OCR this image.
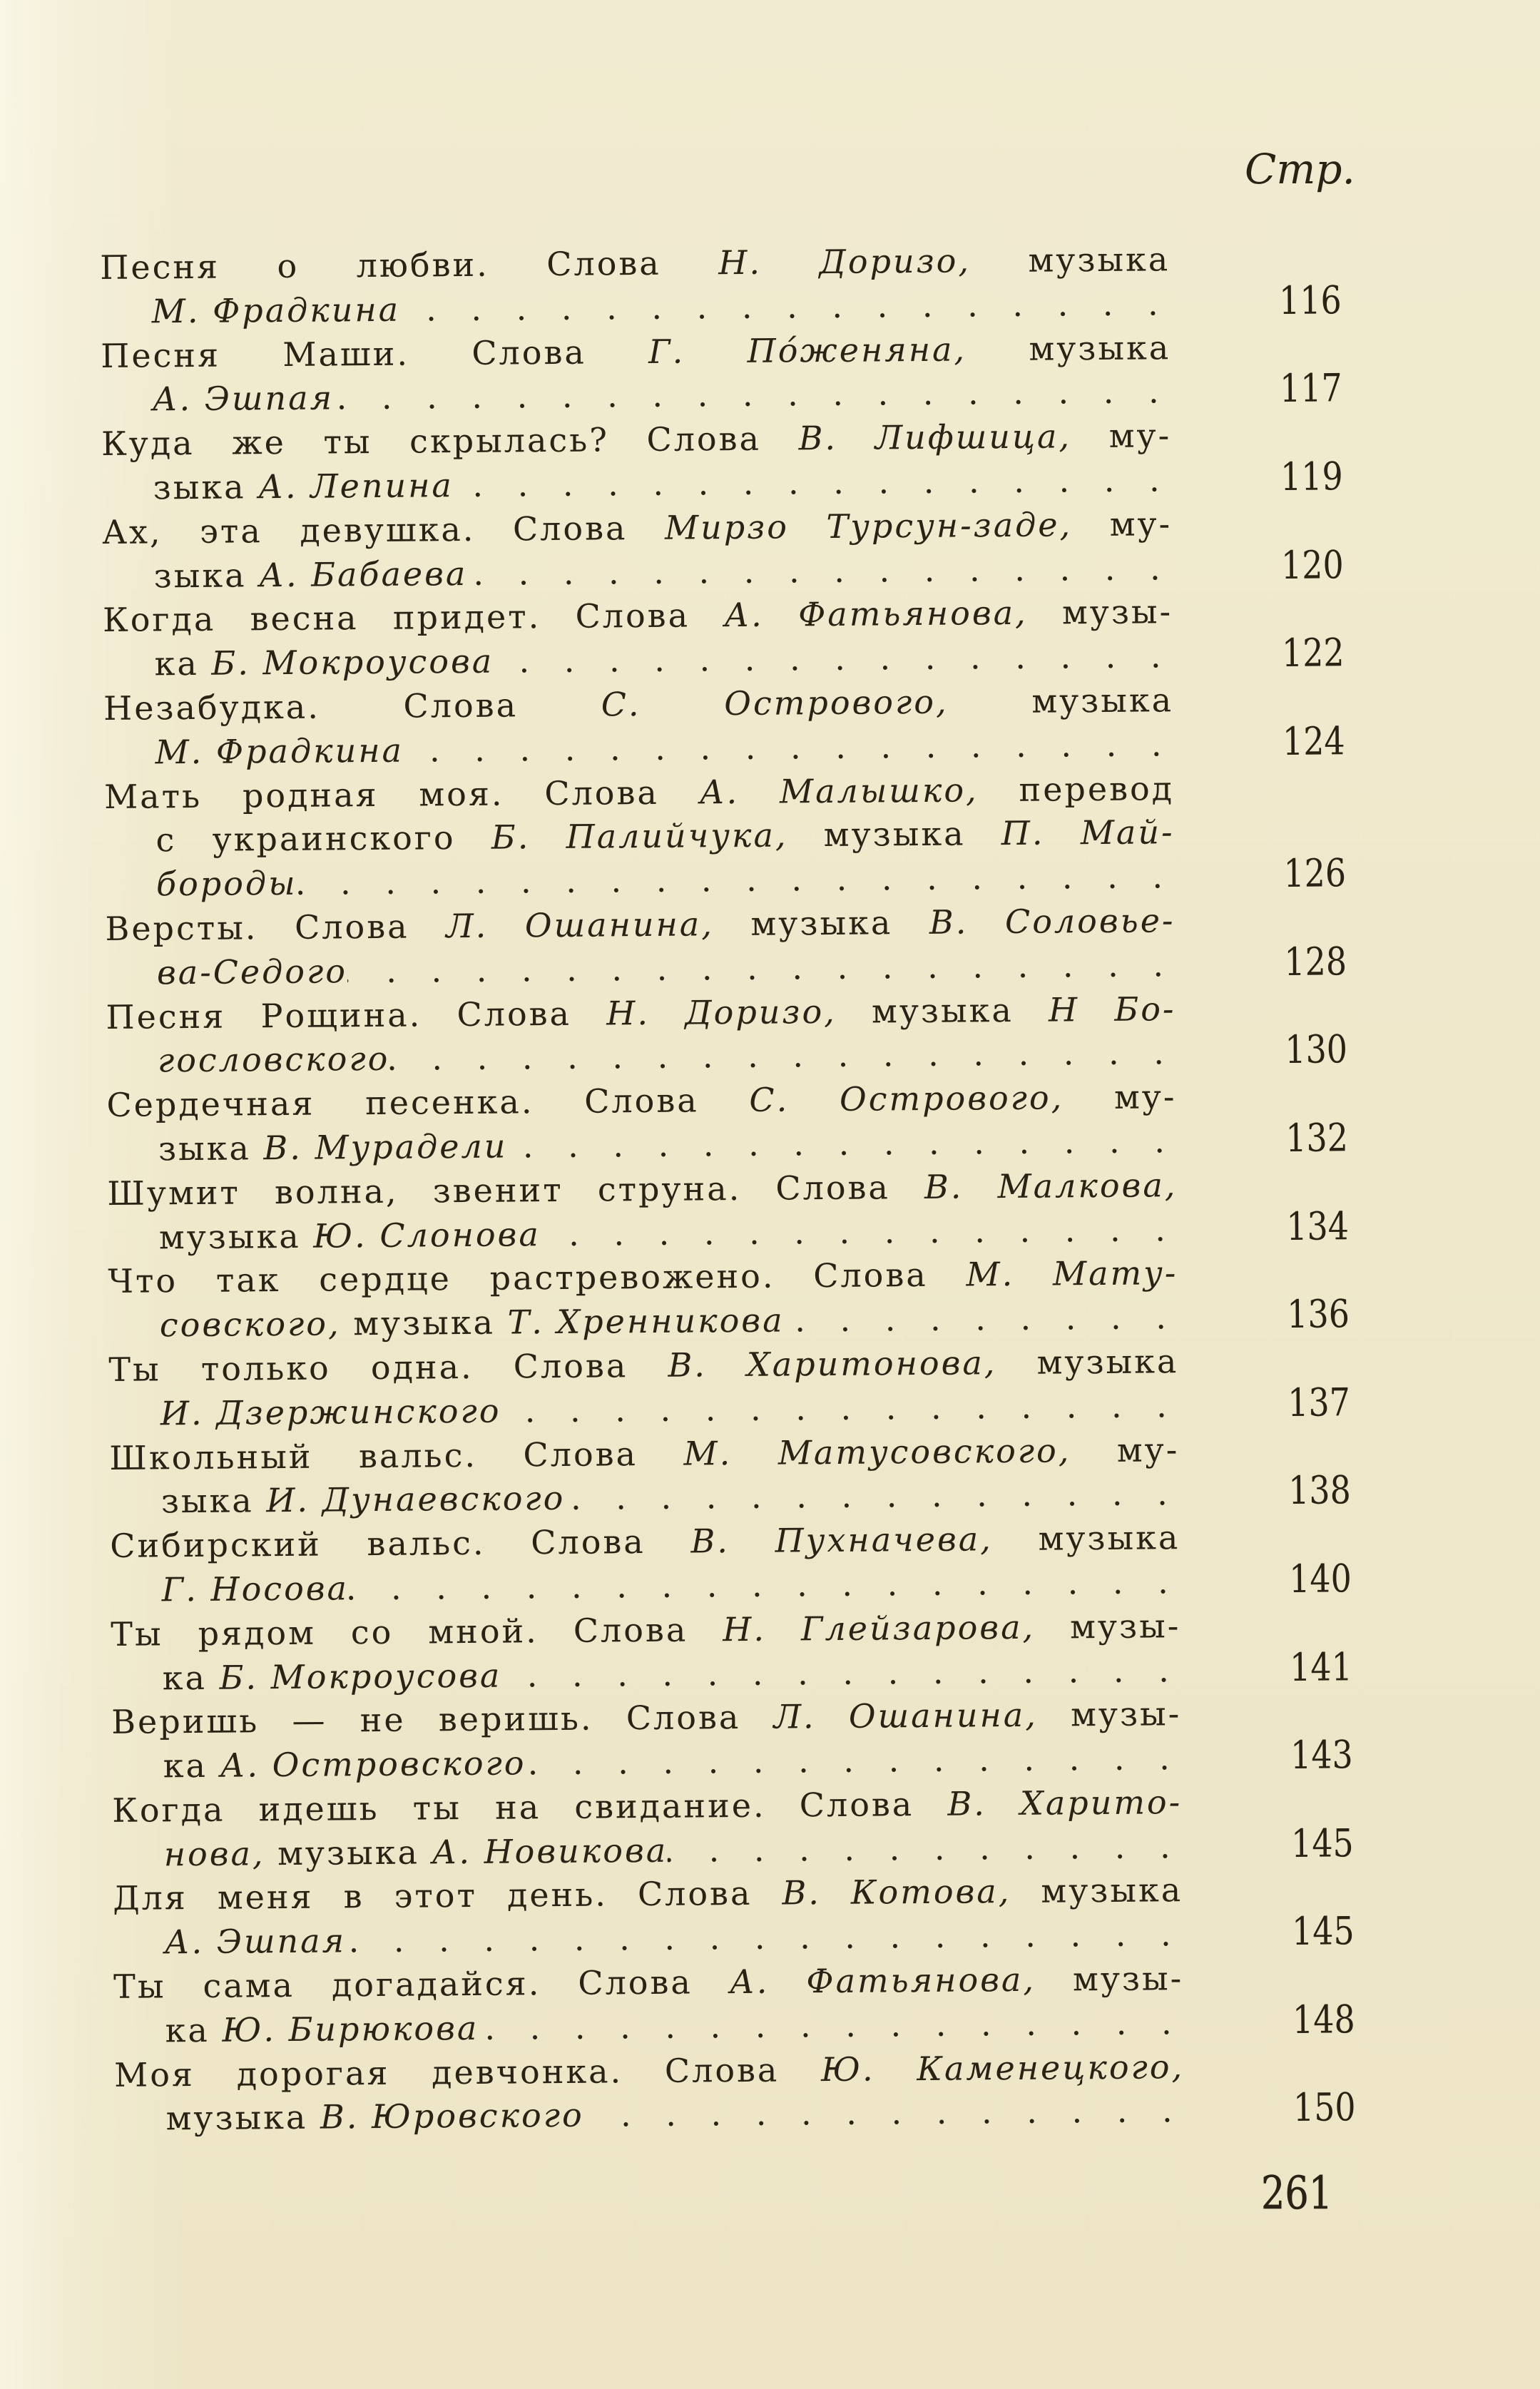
Стр.
Песня о любви. Слова Н. Доризо, музыка
М. Фрадкина . . .	116
Песня Маши. Слова Г. По́женяна, музыка
А. Эшпая . . .	117
Куда же ты скрылась? Слова В. Лифшица, му-
зыка А. Лепина . . .	119
Ах, эта девушка. Слова Мирзо Турсун-заде, му-
зыка А. Бабаева . . .	120
Когда весна придет. Слова А. Фатьянова, музы-
ка Б. Мокроусова . . .	122
Незабудка. Слова С. Острового, музыка
М. Фрадкина . . .	124
Мать родная моя. Слова А. Малышко, перевод
с украинского Б. Палийчука, музыка П. Май-
бороды . . .	126
Версты. Слова Л. Ошанина, музыка В. Соловье-
ва-Седого . . .	128
Песня Рощина. Слова Н. Доризо, музыка Н Бо-
гословского . . .	130
Сердечная песенка. Слова С. Острового, му-
зыка В. Мурадели . . .	132
Шумит волна, звенит струна. Слова В. Малкова,
музыка Ю. Слонова . . .	134
Что так сердце растревожено. Слова М. Мату-
совского, музыка Т. Хренникова . . .	136
Ты только одна. Слова В. Харитонова, музыка
И. Дзержинского . . .	137
Школьный вальс. Слова М. Матусовского, му-
зыка И. Дунаевского . . .	138
Сибирский вальс. Слова В. Пухначева, музыка
Г. Носова . . .	140
Ты рядом со мной. Слова Н. Глейзарова, музы-
ка Б. Мокроусова . . .	141
Веришь — не веришь. Слова Л. Ошанина, музы-
ка А. Островского . . .	143
Когда идешь ты на свидание. Слова В. Харито-
нова, музыка А. Новикова . . .	145
Для меня в этот день. Слова В. Котова, музыка
А. Эшпая . . .	145
Ты сама догадайся. Слова А. Фатьянова, музы-
ка Ю. Бирюкова . . .	148
Моя дорогая девчонка. Слова Ю. Каменецкого,
музыка В. Юровского . . .	150
261
